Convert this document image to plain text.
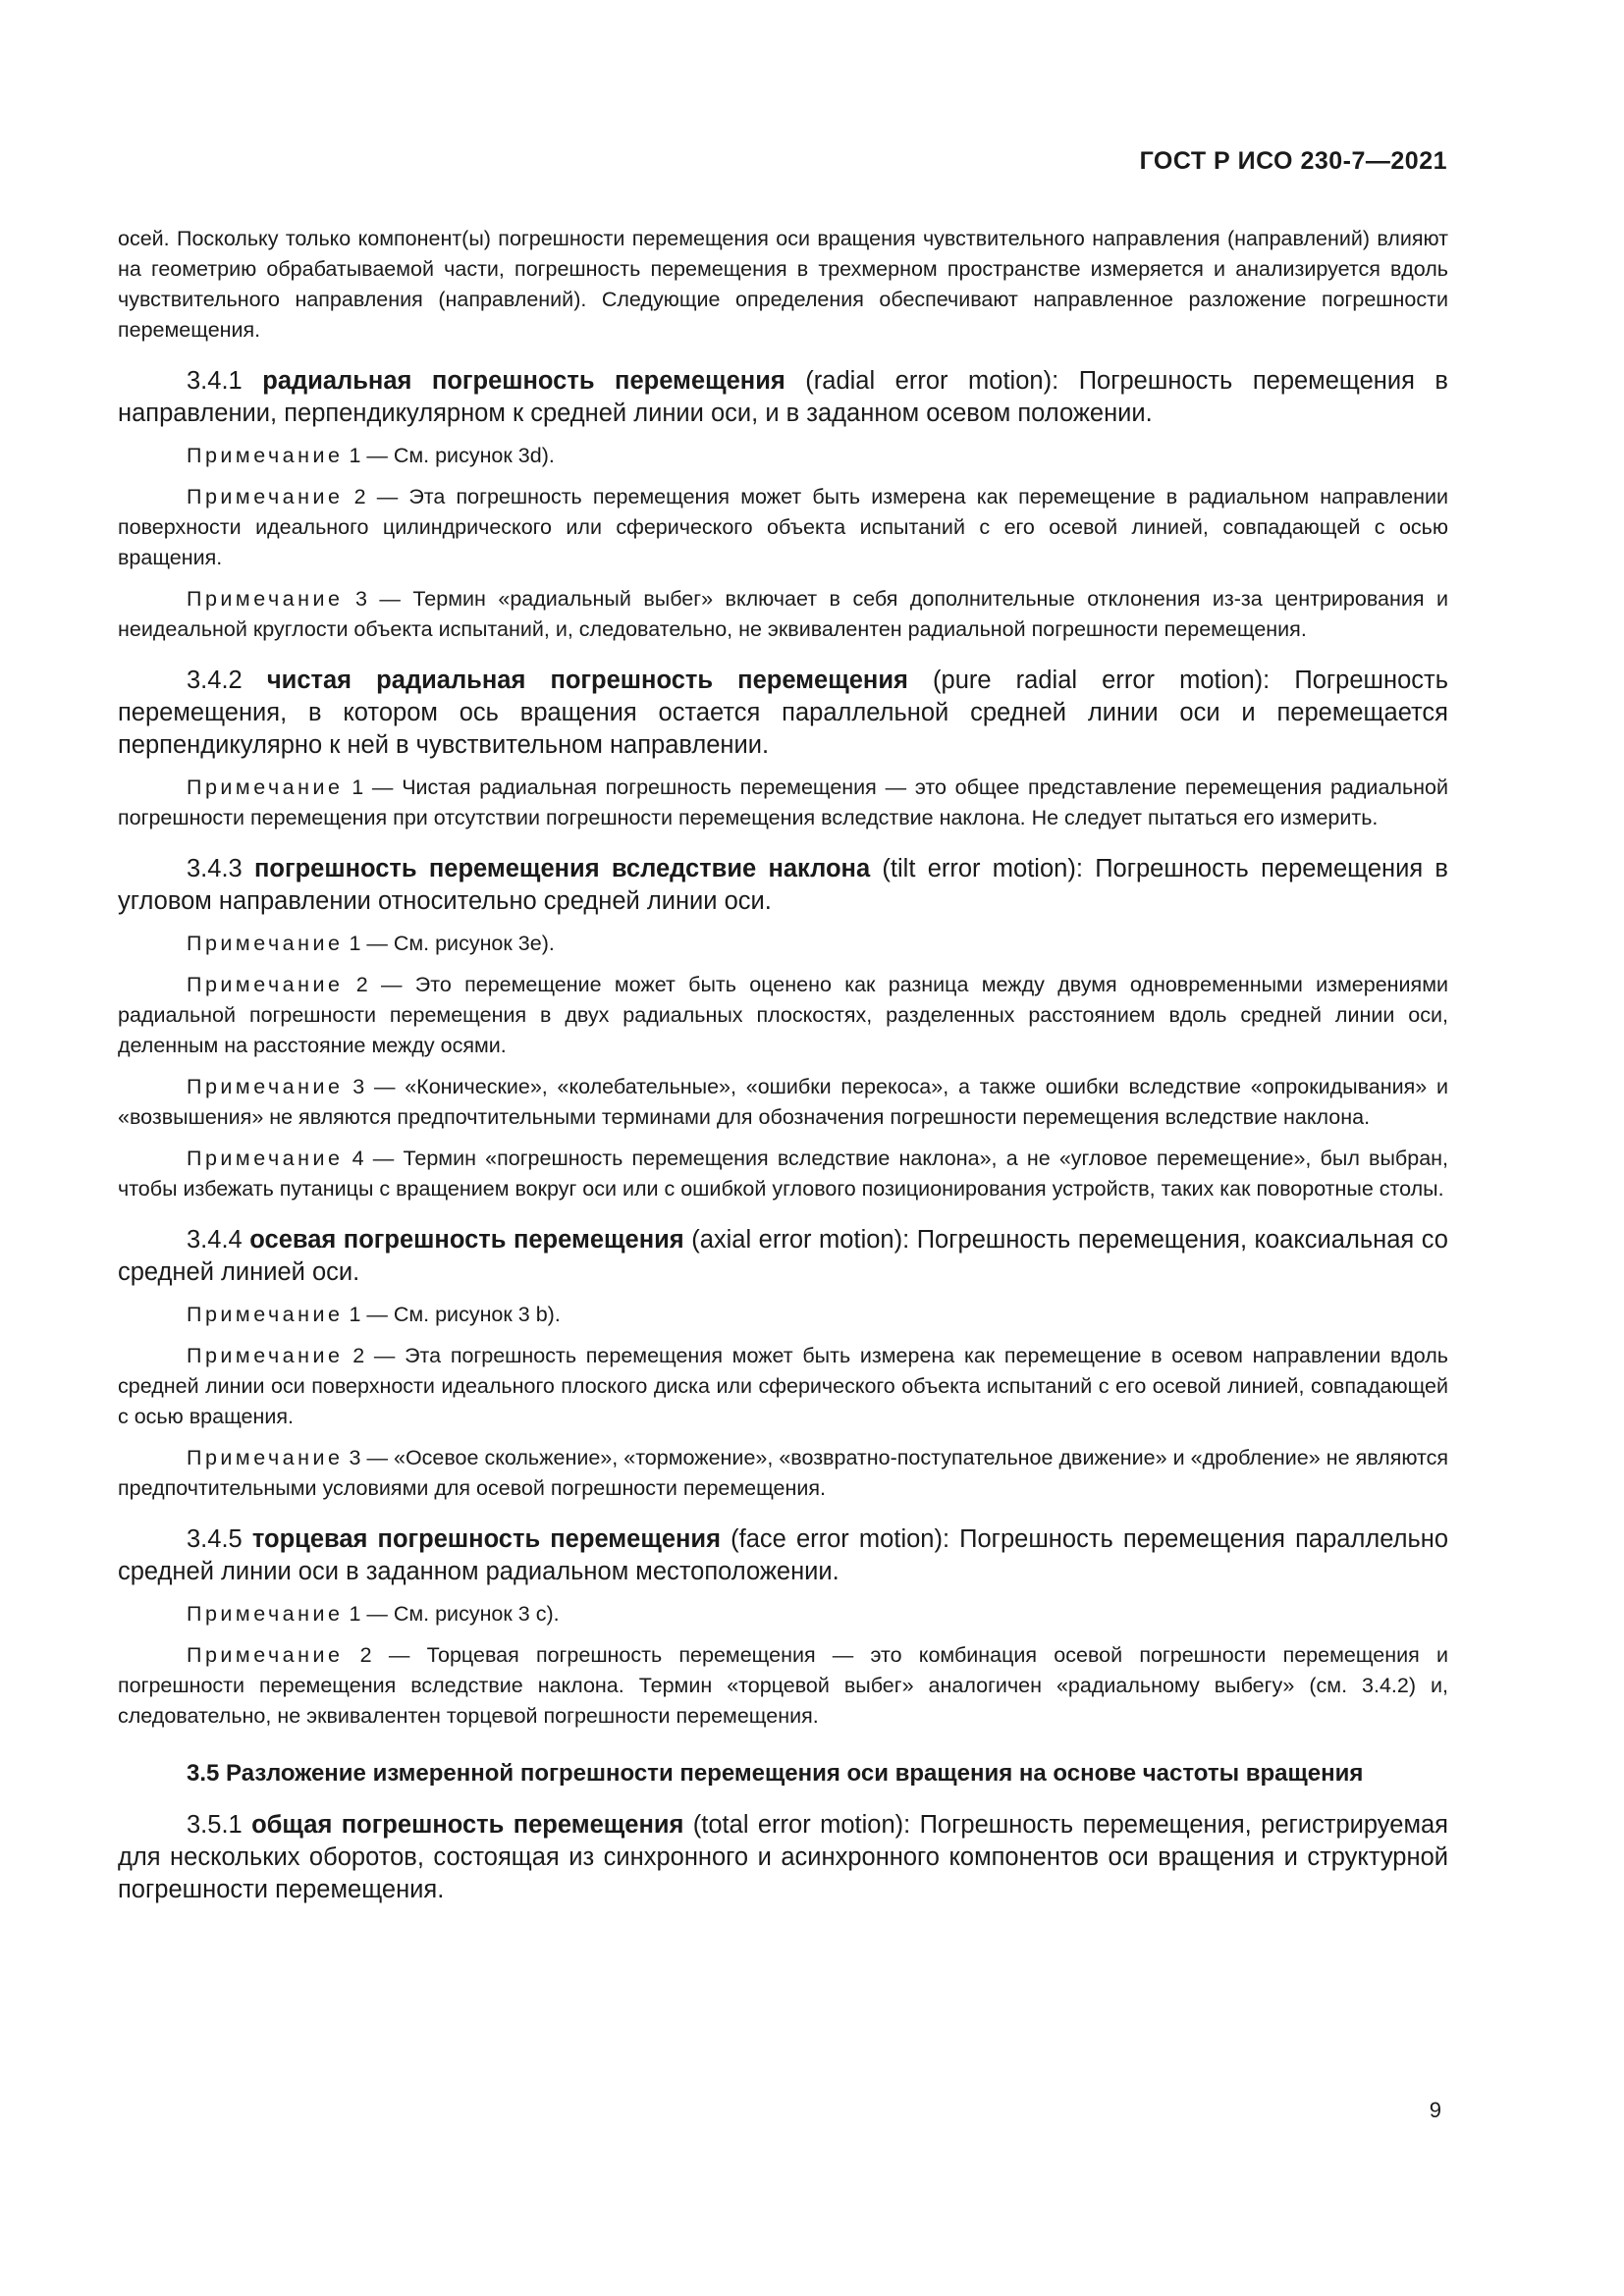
ГОСТ Р ИСО 230-7—2021

осей. Поскольку только компонент(ы) погрешности перемещения оси вращения чувствительного направления (направлений) влияют на геометрию обрабатываемой части, погрешность перемещения в трехмерном пространстве измеряется и анализируется вдоль чувствительного направления (направлений). Следующие определения обеспечивают направленное разложение погрешности перемещения.

3.4.1 радиальная погрешность перемещения (radial error motion): Погрешность перемещения в направлении, перпендикулярном к средней линии оси, и в заданном осевом положении.

Примечание 1 — См. рисунок 3d).

Примечание 2 — Эта погрешность перемещения может быть измерена как перемещение в радиальном направлении поверхности идеального цилиндрического или сферического объекта испытаний с его осевой линией, совпадающей с осью вращения.

Примечание 3 — Термин «радиальный выбег» включает в себя дополнительные отклонения из-за центрирования и неидеальной круглости объекта испытаний, и, следовательно, не эквивалентен радиальной погрешности перемещения.

3.4.2 чистая радиальная погрешность перемещения (pure radial error motion): Погрешность перемещения, в котором ось вращения остается параллельной средней линии оси и перемещается перпендикулярно к ней в чувствительном направлении.

Примечание 1 — Чистая радиальная погрешность перемещения — это общее представление перемещения радиальной погрешности перемещения при отсутствии погрешности перемещения вследствие наклона. Не следует пытаться его измерить.

3.4.3 погрешность перемещения вследствие наклона (tilt error motion): Погрешность перемещения в угловом направлении относительно средней линии оси.

Примечание 1 — См. рисунок 3e).

Примечание 2 — Это перемещение может быть оценено как разница между двумя одновременными измерениями радиальной погрешности перемещения в двух радиальных плоскостях, разделенных расстоянием вдоль средней линии оси, деленным на расстояние между осями.

Примечание 3 — «Конические», «колебательные», «ошибки перекоса», а также ошибки вследствие «опрокидывания» и «возвышения» не являются предпочтительными терминами для обозначения погрешности перемещения вследствие наклона.

Примечание 4 — Термин «погрешность перемещения вследствие наклона», а не «угловое перемещение», был выбран, чтобы избежать путаницы с вращением вокруг оси или с ошибкой углового позиционирования устройств, таких как поворотные столы.

3.4.4 осевая погрешность перемещения (axial error motion): Погрешность перемещения, коаксиальная со средней линией оси.

Примечание 1 — См. рисунок 3 b).

Примечание 2 — Эта погрешность перемещения может быть измерена как перемещение в осевом направлении вдоль средней линии оси поверхности идеального плоского диска или сферического объекта испытаний с его осевой линией, совпадающей с осью вращения.

Примечание 3 — «Осевое скольжение», «торможение», «возвратно-поступательное движение» и «дробление» не являются предпочтительными условиями для осевой погрешности перемещения.

3.4.5 торцевая погрешность перемещения (face error motion): Погрешность перемещения параллельно средней линии оси в заданном радиальном местоположении.

Примечание 1 — См. рисунок 3 с).

Примечание 2 — Торцевая погрешность перемещения — это комбинация осевой погрешности перемещения и погрешности перемещения вследствие наклона. Термин «торцевой выбег» аналогичен «радиальному выбегу» (см. 3.4.2) и, следовательно, не эквивалентен торцевой погрешности перемещения.

3.5 Разложение измеренной погрешности перемещения оси вращения на основе частоты вращения

3.5.1 общая погрешность перемещения (total error motion): Погрешность перемещения, регистрируемая для нескольких оборотов, состоящая из синхронного и асинхронного компонентов оси вращения и структурной погрешности перемещения.

9
